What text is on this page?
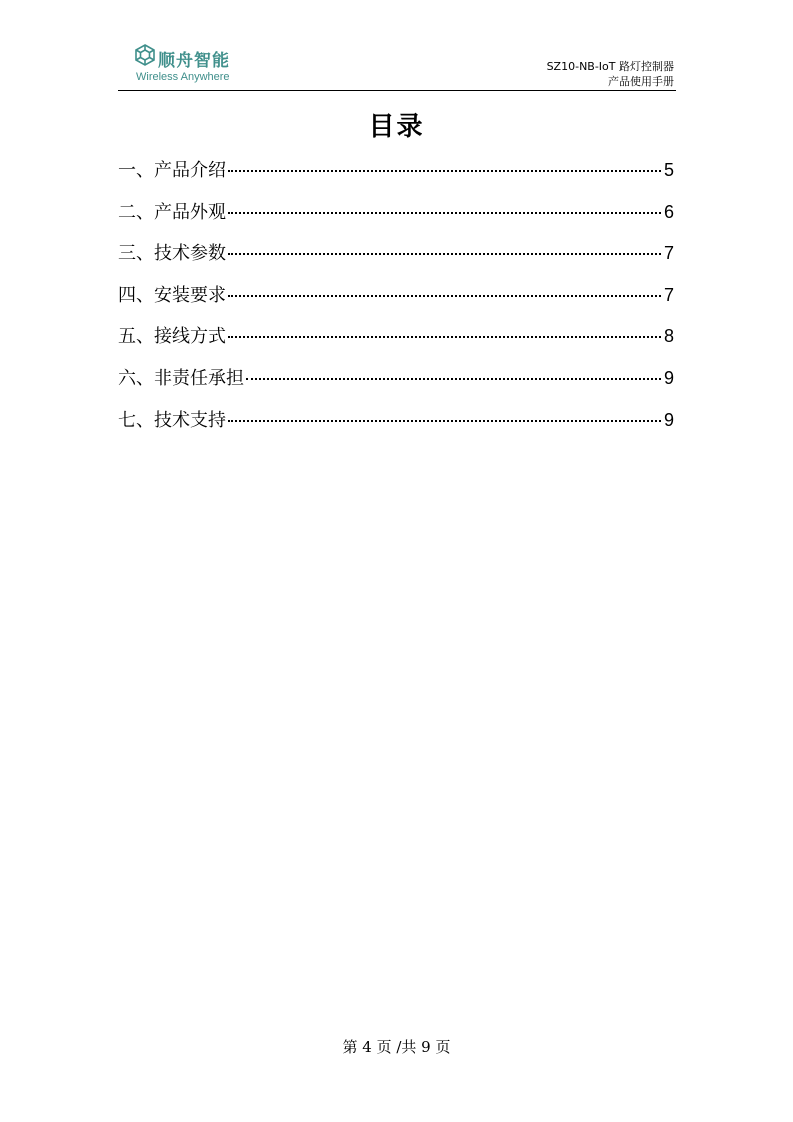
顺舟智能
Wireless Anywhere
SZ10-NB-IoT 路灯控制器
产品使用手册
目录
一、产品介绍	5
二、产品外观	6
三、技术参数	7
四、安装要求	7
五、接线方式	8
六、非责任承担	9
七、技术支持	9
第 4 页 /共 9 页
